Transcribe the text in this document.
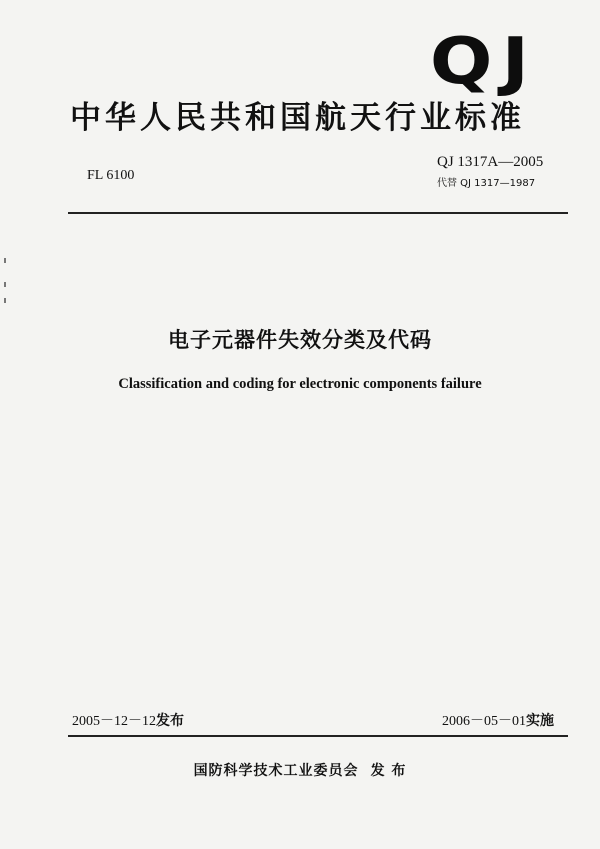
QJ
中华人民共和国航天行业标准
FL 6100
QJ 1317A—2005
代替 QJ 1317—1987
电子元器件失效分类及代码
Classification and coding for electronic components failure
2005－12－12发布	2006－05－01实施
国防科学技术工业委员会 发 布
